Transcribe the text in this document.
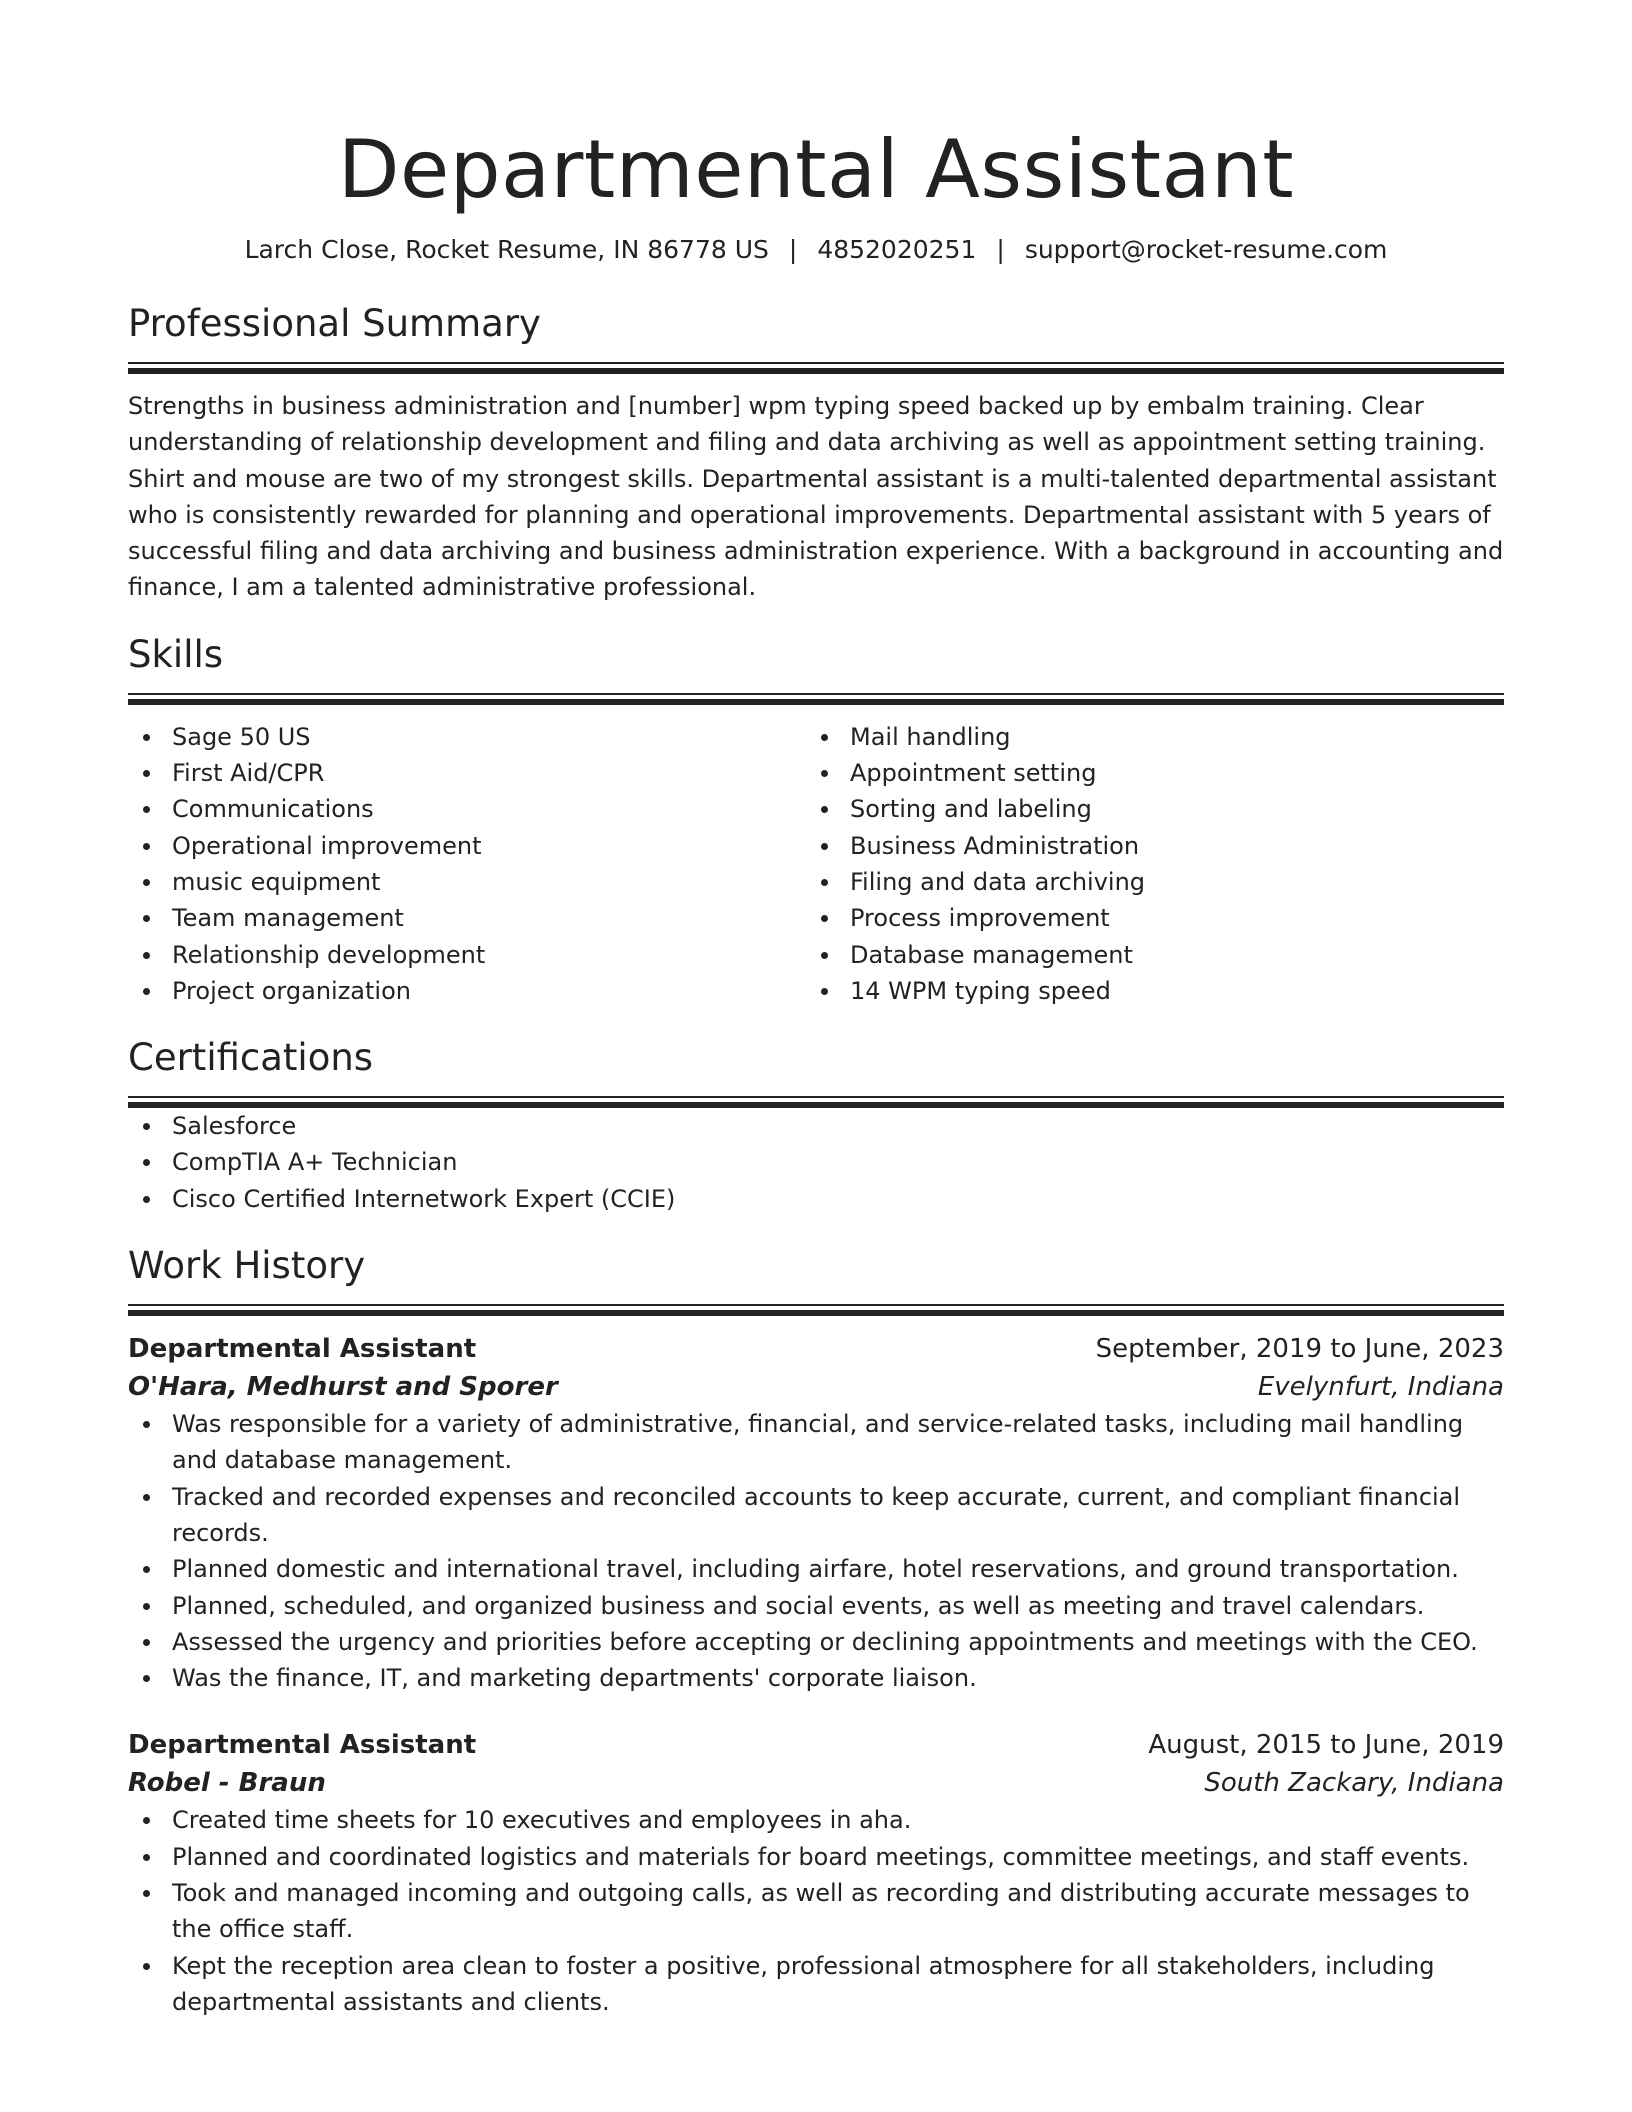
Departmental Assistant
Larch Close, Rocket Resume, IN 86778 US | 4852020251 | support@rocket-resume.com
Professional Summary

Strengths in business administration and [number] wpm typing speed backed up by embalm training. Clear understanding of relationship development and filing and data archiving as well as appointment setting training. Shirt and mouse are two of my strongest skills. Departmental assistant is a multi-talented departmental assistant who is consistently rewarded for planning and operational improvements. Departmental assistant with 5 years of successful filing and data archiving and business administration experience. With a background in accounting and finance, I am a talented administrative professional.

Skills
Sage 50 US
First Aid/CPR
Communications
Operational improvement
music equipment
Team management
Relationship development
Project organization
Mail handling
Appointment setting
Sorting and labeling
Business Administration
Filing and data archiving
Process improvement
Database management
14 WPM typing speed
Certifications
Salesforce
CompTIA A+ Technician
Cisco Certified Internetwork Expert (CCIE)
Work History
Departmental Assistant	September, 2019 to June, 2023
O'Hara, Medhurst and Sporer	Evelynfurt, Indiana
Was responsible for a variety of administrative, financial, and service-related tasks, including mail handling and database management.
Tracked and recorded expenses and reconciled accounts to keep accurate, current, and compliant financial records.
Planned domestic and international travel, including airfare, hotel reservations, and ground transportation.
Planned, scheduled, and organized business and social events, as well as meeting and travel calendars.
Assessed the urgency and priorities before accepting or declining appointments and meetings with the CEO.
Was the finance, IT, and marketing departments' corporate liaison.
Departmental Assistant	August, 2015 to June, 2019
Robel - Braun	South Zackary, Indiana
Created time sheets for 10 executives and employees in aha.
Planned and coordinated logistics and materials for board meetings, committee meetings, and staff events.
Took and managed incoming and outgoing calls, as well as recording and distributing accurate messages to the office staff.
Kept the reception area clean to foster a positive, professional atmosphere for all stakeholders, including departmental assistants and clients.
